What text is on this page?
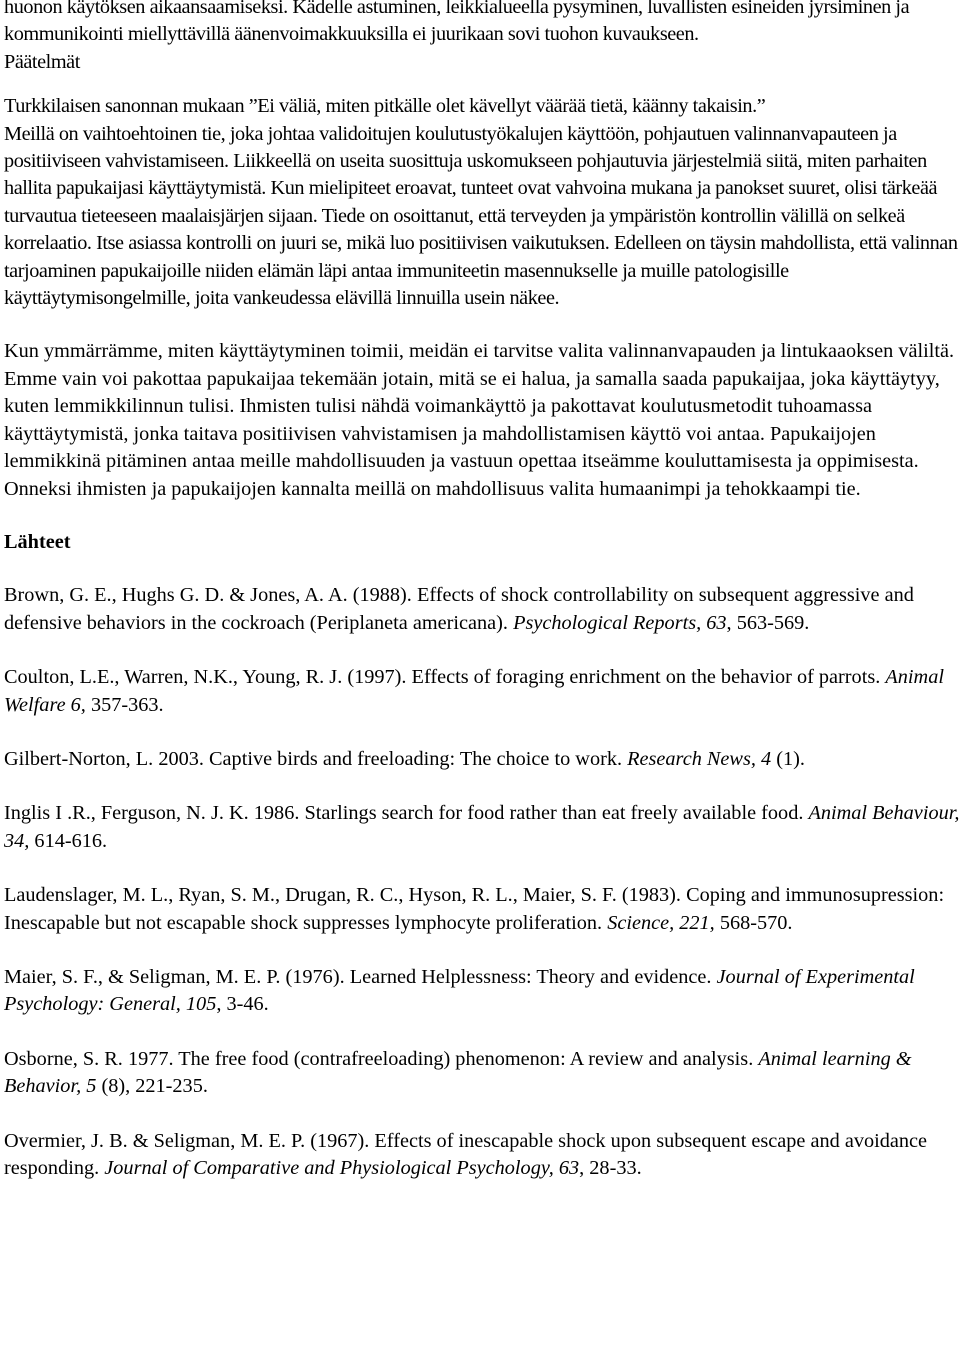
huonon käytöksen aikaansaamiseksi. Kädelle astuminen, leikkialueella pysyminen, luvallisten esineiden jyrsiminen ja kommunikointi miellyttävillä äänenvoimakkuuksilla ei juurikaan sovi tuohon kuvaukseen.

Päätelmät

Turkkilaisen sanonnan mukaan ”Ei väliä, miten pitkälle olet kävellyt väärää tietä, käänny takaisin.”

Meillä on vaihtoehtoinen tie, joka johtaa validoitujen koulutustyökalujen käyttöön, pohjautuen valinnanvapauteen ja positiiviseen vahvistamiseen. Liikkeellä on useita suosittuja uskomukseen pohjautuvia järjestelmiä siitä, miten parhaiten hallita papukaijasi käyttäytymistä. Kun mielipiteet eroavat, tunteet ovat vahvoina mukana ja panokset suuret, olisi tärkeää turvautua tieteeseen maalaisjärjen sijaan. Tiede on osoittanut, että terveyden ja ympäristön kontrollin välillä on selkeä korrelaatio. Itse asiassa kontrolli on juuri se, mikä luo positiivisen vaikutuksen. Edelleen on täysin mahdollista, että valinnan tarjoaminen papukaijoille niiden elämän läpi antaa immuniteetin masennukselle ja muille patologisille käyttäytymisongelmille, joita vankeudessa elävillä linnuilla usein näkee.

Kun ymmärrämme, miten käyttäytyminen toimii, meidän ei tarvitse valita valinnanvapauden ja lintukaaoksen väliltä. Emme vain voi pakottaa papukaijaa tekemään jotain, mitä se ei halua, ja samalla saada papukaijaa, joka käyttäytyy, kuten lemmikkilinnun tulisi. Ihmisten tulisi nähdä voimankäyttö ja pakottavat koulutusmetodit tuhoamassa käyttäytymistä, jonka taitava positiivisen vahvistamisen ja mahdollistamisen käyttö voi antaa. Papukaijojen lemmikkinä pitäminen antaa meille mahdollisuuden ja vastuun opettaa itseämme kouluttamisesta ja oppimisesta. Onneksi ihmisten ja papukaijojen kannalta meillä on mahdollisuus valita humaanimpi ja tehokkaampi tie.

Lähteet

Brown, G. E., Hughs G. D. & Jones, A. A. (1988). Effects of shock controllability on subsequent aggressive and defensive behaviors in the cockroach (Periplaneta americana). Psychological Reports, 63, 563-569.

Coulton, L.E., Warren, N.K., Young, R. J. (1997). Effects of foraging enrichment on the behavior of parrots. Animal Welfare 6, 357-363.

Gilbert-Norton, L. 2003. Captive birds and freeloading: The choice to work. Research News, 4 (1).

Inglis I .R., Ferguson, N. J. K. 1986. Starlings search for food rather than eat freely available food. Animal Behaviour, 34, 614-616.

Laudenslager, M. L., Ryan, S. M., Drugan, R. C., Hyson, R. L., Maier, S. F. (1983). Coping and immunosupression: Inescapable but not escapable shock suppresses lymphocyte proliferation. Science, 221, 568-570.

Maier, S. F., & Seligman, M. E. P. (1976). Learned Helplessness: Theory and evidence. Journal of Experimental Psychology: General, 105, 3-46.

Osborne, S. R. 1977. The free food (contrafreeloading) phenomenon: A review and analysis. Animal learning & Behavior, 5 (8), 221-235.

Overmier, J. B. & Seligman, M. E. P. (1967). Effects of inescapable shock upon subsequent escape and avoidance responding. Journal of Comparative and Physiological Psychology, 63, 28-33.
